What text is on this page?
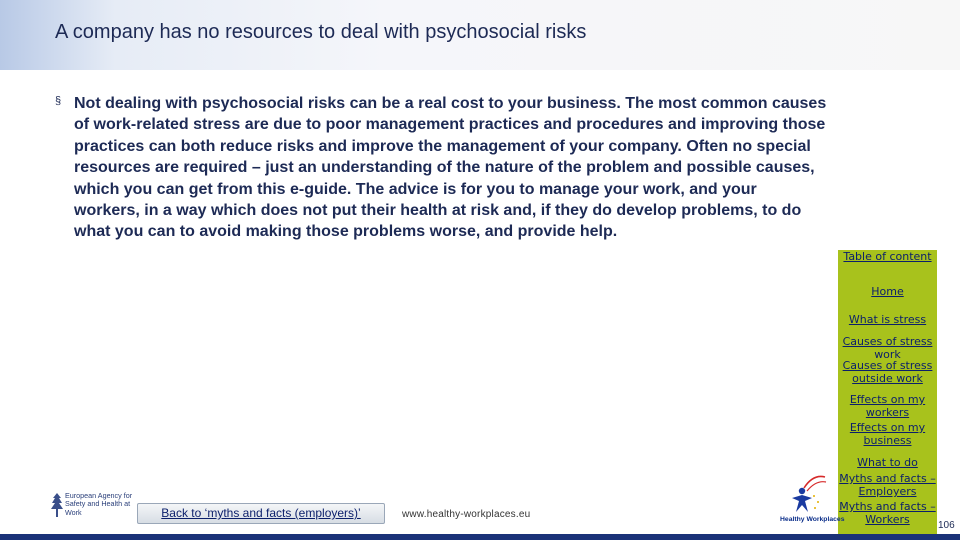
A company has no resources to deal with psychosocial risks
§ Not dealing with psychosocial risks can be a real cost to your business. The most common causes of work-related stress are due to poor management practices and procedures and improving those practices can both reduce risks and improve the management of your company. Often no special resources are required – just an understanding of the nature of the problem and possible causes, which you can get from this e-guide. The advice is for you to manage your work, and your workers, in a way which does not put their health at risk and, if they do develop problems, to do what you can to avoid making those problems worse, and provide help.
Table of content
Home
What is stress
Causes of stress work
Causes of stress outside work
Effects on my workers
Effects on my business
What to do
Myths and facts – Employers
Myths and facts – Workers
European Agency for Safety and Health at Work	Back to ‘myths and facts (employers)’	www.healthy-workplaces.eu	Healthy Workplaces
106
